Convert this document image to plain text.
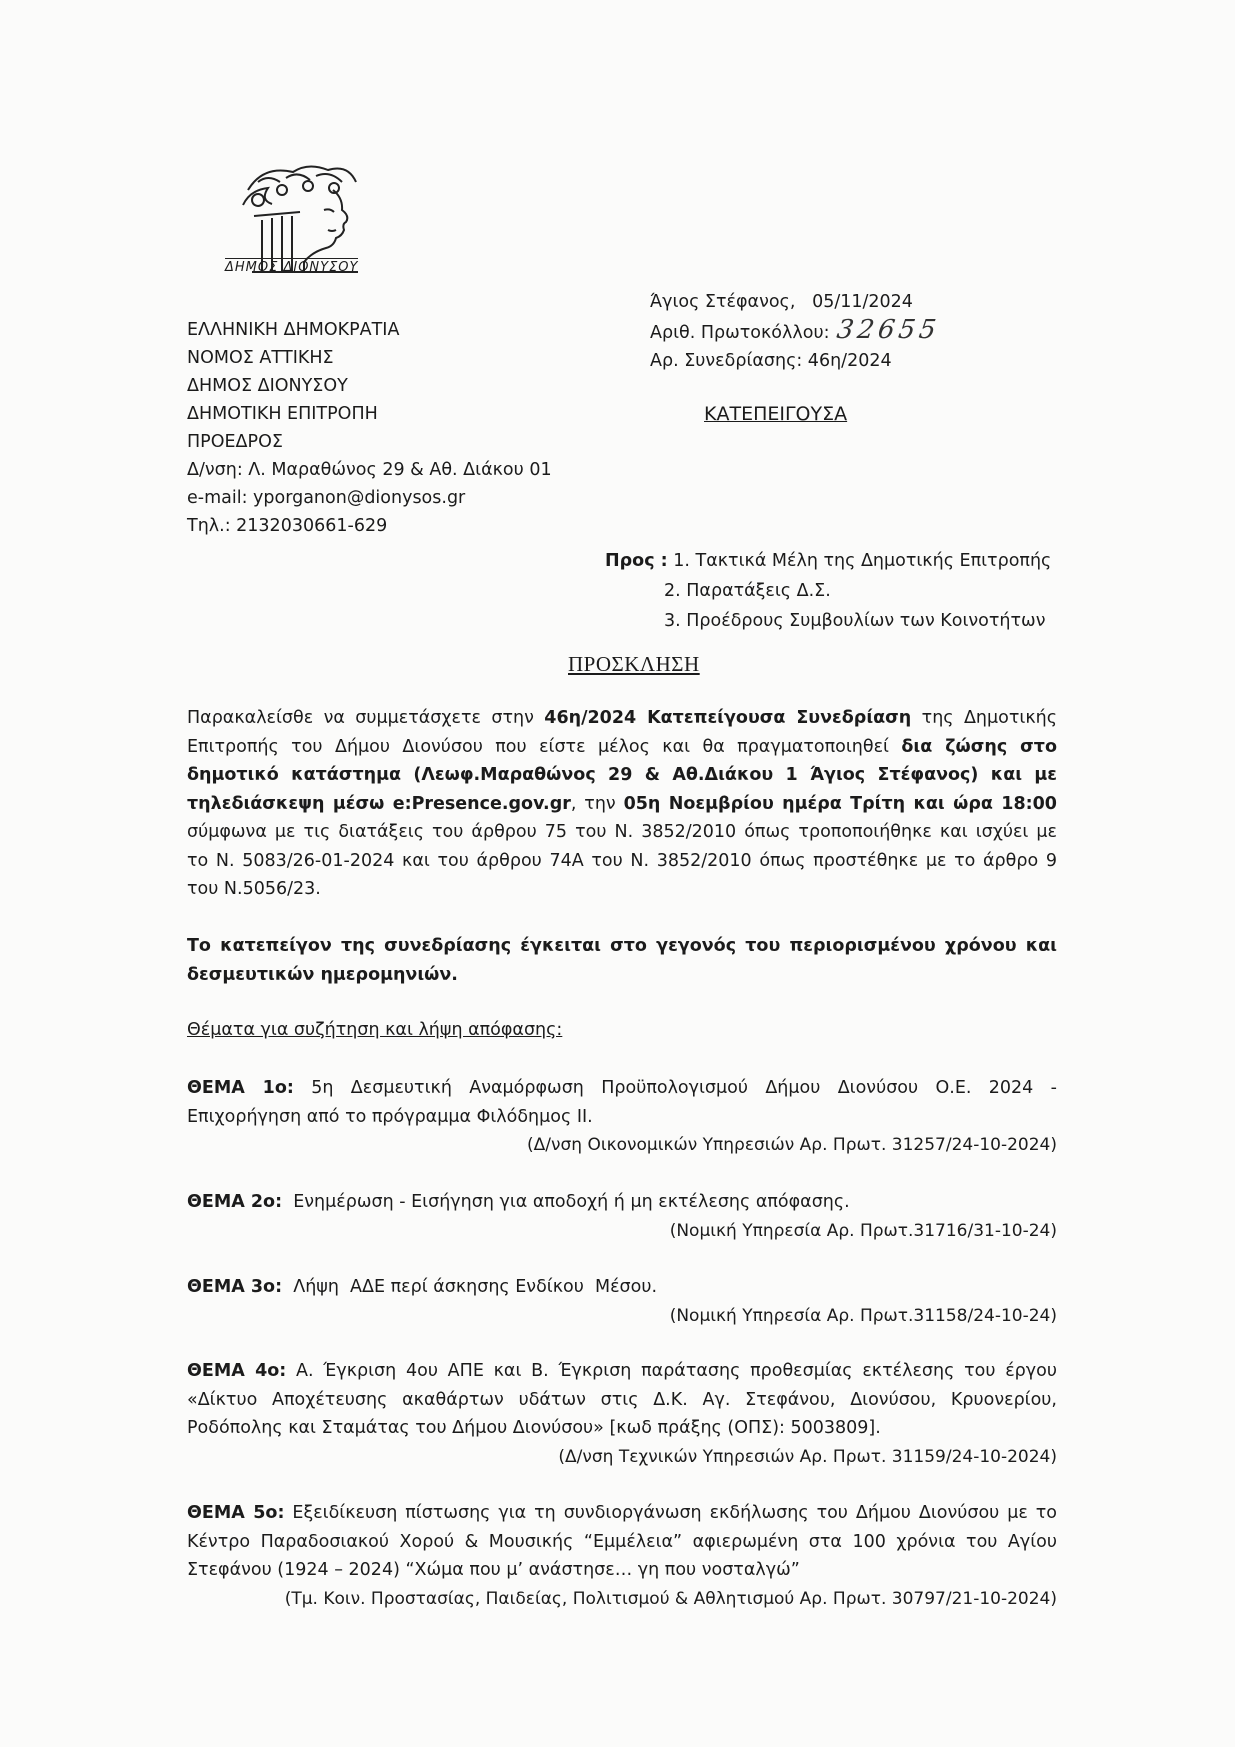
ΔΗΜΟΣ ΔΙΟΝΥΣΟΥ
ΕΛΛΗΝΙΚΗ ΔΗΜΟΚΡΑΤΙΑ
ΝΟΜΟΣ ΑΤΤΙΚΗΣ
ΔΗΜΟΣ ΔΙΟΝΥΣΟΥ
ΔΗΜΟΤΙΚΗ ΕΠΙΤΡΟΠΗ
ΠΡΟΕΔΡΟΣ
Δ/νση: Λ. Μαραθώνος 29 & Αθ. Διάκου 01
e-mail: yporganon@dionysos.gr
Τηλ.: 2132030661-629
Άγιος Στέφανος,   05/11/2024
Αριθ. Πρωτοκόλλου: 32655
Αρ. Συνεδρίασης: 46η/2024
ΚΑΤΕΠΕΙΓΟΥΣΑ
Προς : 1. Τακτικά Μέλη της Δημοτικής Επιτροπής
2. Παρατάξεις Δ.Σ.
3. Προέδρους Συμβουλίων των Κοινοτήτων
ΠΡΟΣΚΛΗΣΗ
Παρακαλείσθε να συμμετάσχετε στην 46η/2024 Κατεπείγουσα Συνεδρίαση της Δημοτικής
Επιτροπής του Δήμου Διονύσου που είστε μέλος και θα πραγματοποιηθεί δια ζώσης στο
δημοτικό κατάστημα (Λεωφ.Μαραθώνος 29 & Αθ.Διάκου 1 Άγιος Στέφανος) και με
τηλεδιάσκεψη μέσω e:Presence.gov.gr, την 05η Νοεμβρίου ημέρα Τρίτη και ώρα 18:00
σύμφωνα με τις διατάξεις του άρθρου 75 του Ν. 3852/2010 όπως τροποποιήθηκε και ισχύει με
το Ν. 5083/26-01-2024 και του άρθρου 74Α του Ν. 3852/2010 όπως προστέθηκε με το άρθρο 9
του Ν.5056/23.
Το κατεπείγον της συνεδρίασης έγκειται στο γεγονός του περιορισμένου χρόνου και
δεσμευτικών ημερομηνιών.
Θέματα για συζήτηση και λήψη απόφασης:
ΘΕΜΑ 1ο: 5η Δεσμευτική Αναμόρφωση Προϋπολογισμού Δήμου Διονύσου Ο.Ε. 2024 -
Επιχορήγηση από το πρόγραμμα Φιλόδημος ΙΙ.
(Δ/νση Οικονομικών Υπηρεσιών Αρ. Πρωτ. 31257/24-10-2024)
ΘΕΜΑ 2ο:  Ενημέρωση - Εισήγηση για αποδοχή ή μη εκτέλεσης απόφασης.
(Νομική Υπηρεσία Αρ. Πρωτ.31716/31-10-24)
ΘΕΜΑ 3ο:  Λήψη  ΑΔΕ περί άσκησης Ενδίκου  Μέσου.
(Νομική Υπηρεσία Αρ. Πρωτ.31158/24-10-24)
ΘΕΜΑ 4ο: Α. Έγκριση 4ου ΑΠΕ και Β. Έγκριση παράτασης προθεσμίας εκτέλεσης του έργου
«Δίκτυο Αποχέτευσης ακαθάρτων υδάτων στις Δ.Κ. Αγ. Στεφάνου, Διονύσου, Κρυονερίου,
Ροδόπολης και Σταμάτας του Δήμου Διονύσου» [κωδ πράξης (ΟΠΣ): 5003809].
(Δ/νση Τεχνικών Υπηρεσιών Αρ. Πρωτ. 31159/24-10-2024)
ΘΕΜΑ 5ο: Εξειδίκευση πίστωσης για τη συνδιοργάνωση εκδήλωσης του Δήμου Διονύσου με το
Κέντρο Παραδοσιακού Χορού & Μουσικής “Εμμέλεια” αφιερωμένη στα 100 χρόνια του Αγίου
Στεφάνου (1924 – 2024) “Χώμα που μ’ ανάστησε… γη που νοσταλγώ”
(Τμ. Κοιν. Προστασίας, Παιδείας, Πολιτισμού & Αθλητισμού Αρ. Πρωτ. 30797/21-10-2024)
